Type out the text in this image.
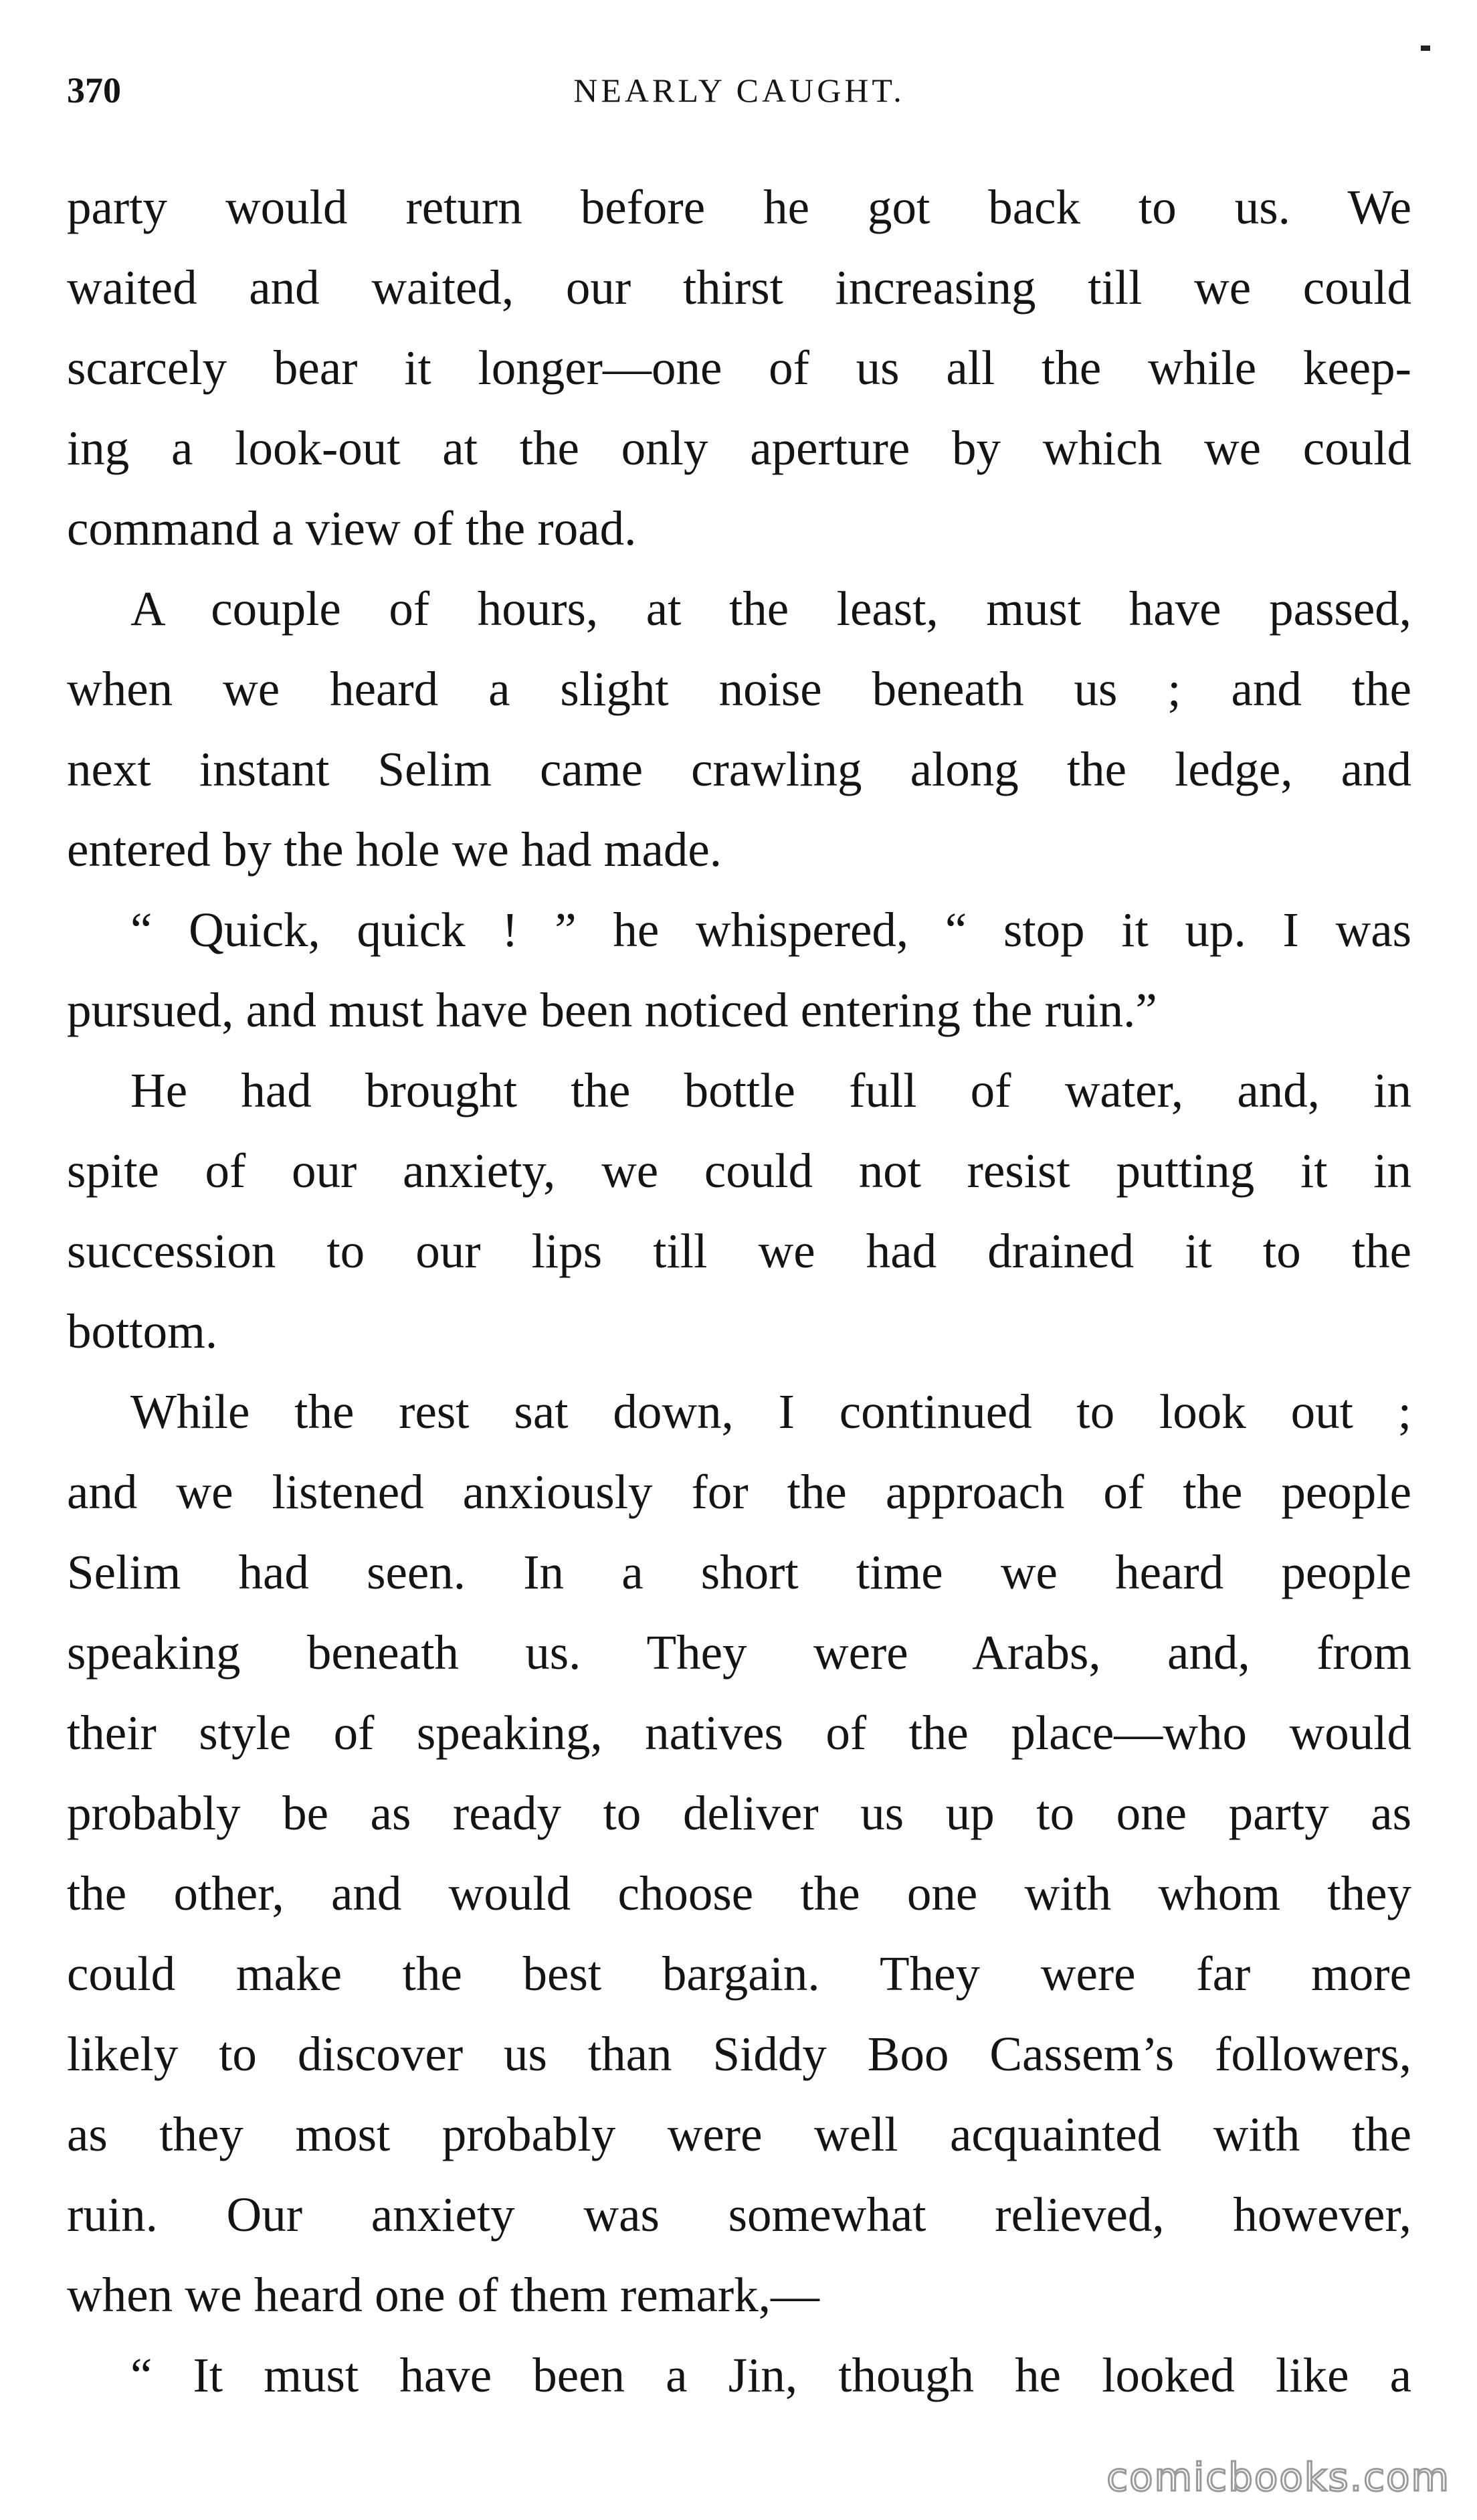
370	NEARLY CAUGHT.
party would return before he got back to us. We
waited and waited, our thirst increasing till we could
scarcely bear it longer—one of us all the while keep-
ing a look-out at the only aperture by which we could
command a view of the road.
A couple of hours, at the least, must have passed,
when we heard a slight noise beneath us ; and the
next instant Selim came crawling along the ledge, and
entered by the hole we had made.
“ Quick, quick ! ” he whispered, “ stop it up. I was
pursued, and must have been noticed entering the ruin.”
He had brought the bottle full of water, and, in
spite of our anxiety, we could not resist putting it in
succession to our lips till we had drained it to the
bottom.
While the rest sat down, I continued to look out ;
and we listened anxiously for the approach of the people
Selim had seen. In a short time we heard people
speaking beneath us. They were Arabs, and, from
their style of speaking, natives of the place—who would
probably be as ready to deliver us up to one party as
the other, and would choose the one with whom they
could make the best bargain. They were far more
likely to discover us than Siddy Boo Cassem’s followers,
as they most probably were well acquainted with the
ruin. Our anxiety was somewhat relieved, however,
when we heard one of them remark,—
“ It must have been a Jin, though he looked like a
comicbooks.com
